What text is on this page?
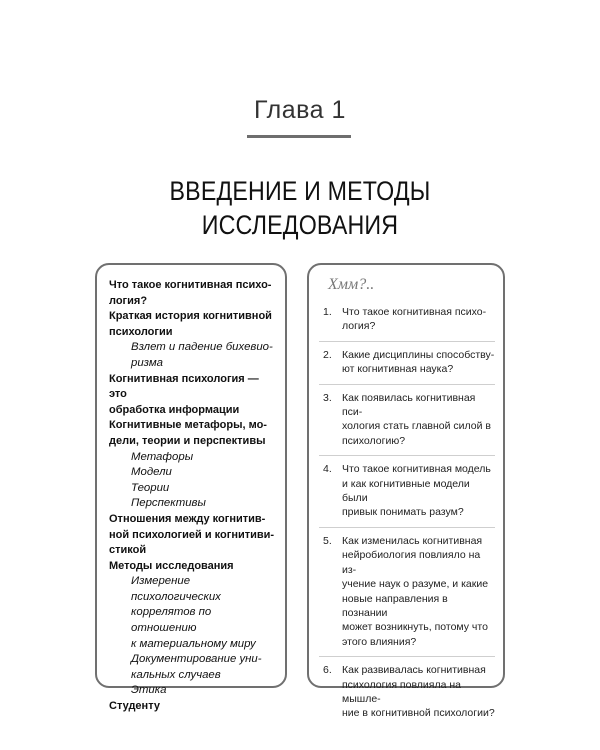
Глава 1
ВВЕДЕНИЕ И МЕТОДЫ
ИССЛЕДОВАНИЯ
Что такое когнитивная психо-
логия?
Краткая история когнитивной
психологии
Взлет и падение бихевио-
ризма
Когнитивная психология — это
обработка информации
Когнитивные метафоры, мо-
дели, теории и перспективы
Метафоры
Модели
Теории
Перспективы
Отношения между когнитив-
ной психологией и когнитиви-
стикой
Методы исследования
Измерение психологических
коррелятов по отношению
к материальному миру
Документирование уни-
кальных случаев
Этика
Студенту
Хмм?..
1. Что такое когнитивная психо-
логия?
2. Какие дисциплины способству-
ют когнитивная наука?
3. Как появилась когнитивная пси-
хология стать главной силой в
психологию?
4. Что такое когнитивная модель
и как когнитивные модели были
привык понимать разум?
5. Как изменилась когнитивная
нейробиология повлияло на из-
учение наук о разуме, и какие
новые направления в познании
может возникнуть, потому что
этого влияния?
6. Как развивалась когнитивная
психология повлияла на мышле-
ние в когнитивной психологии?
